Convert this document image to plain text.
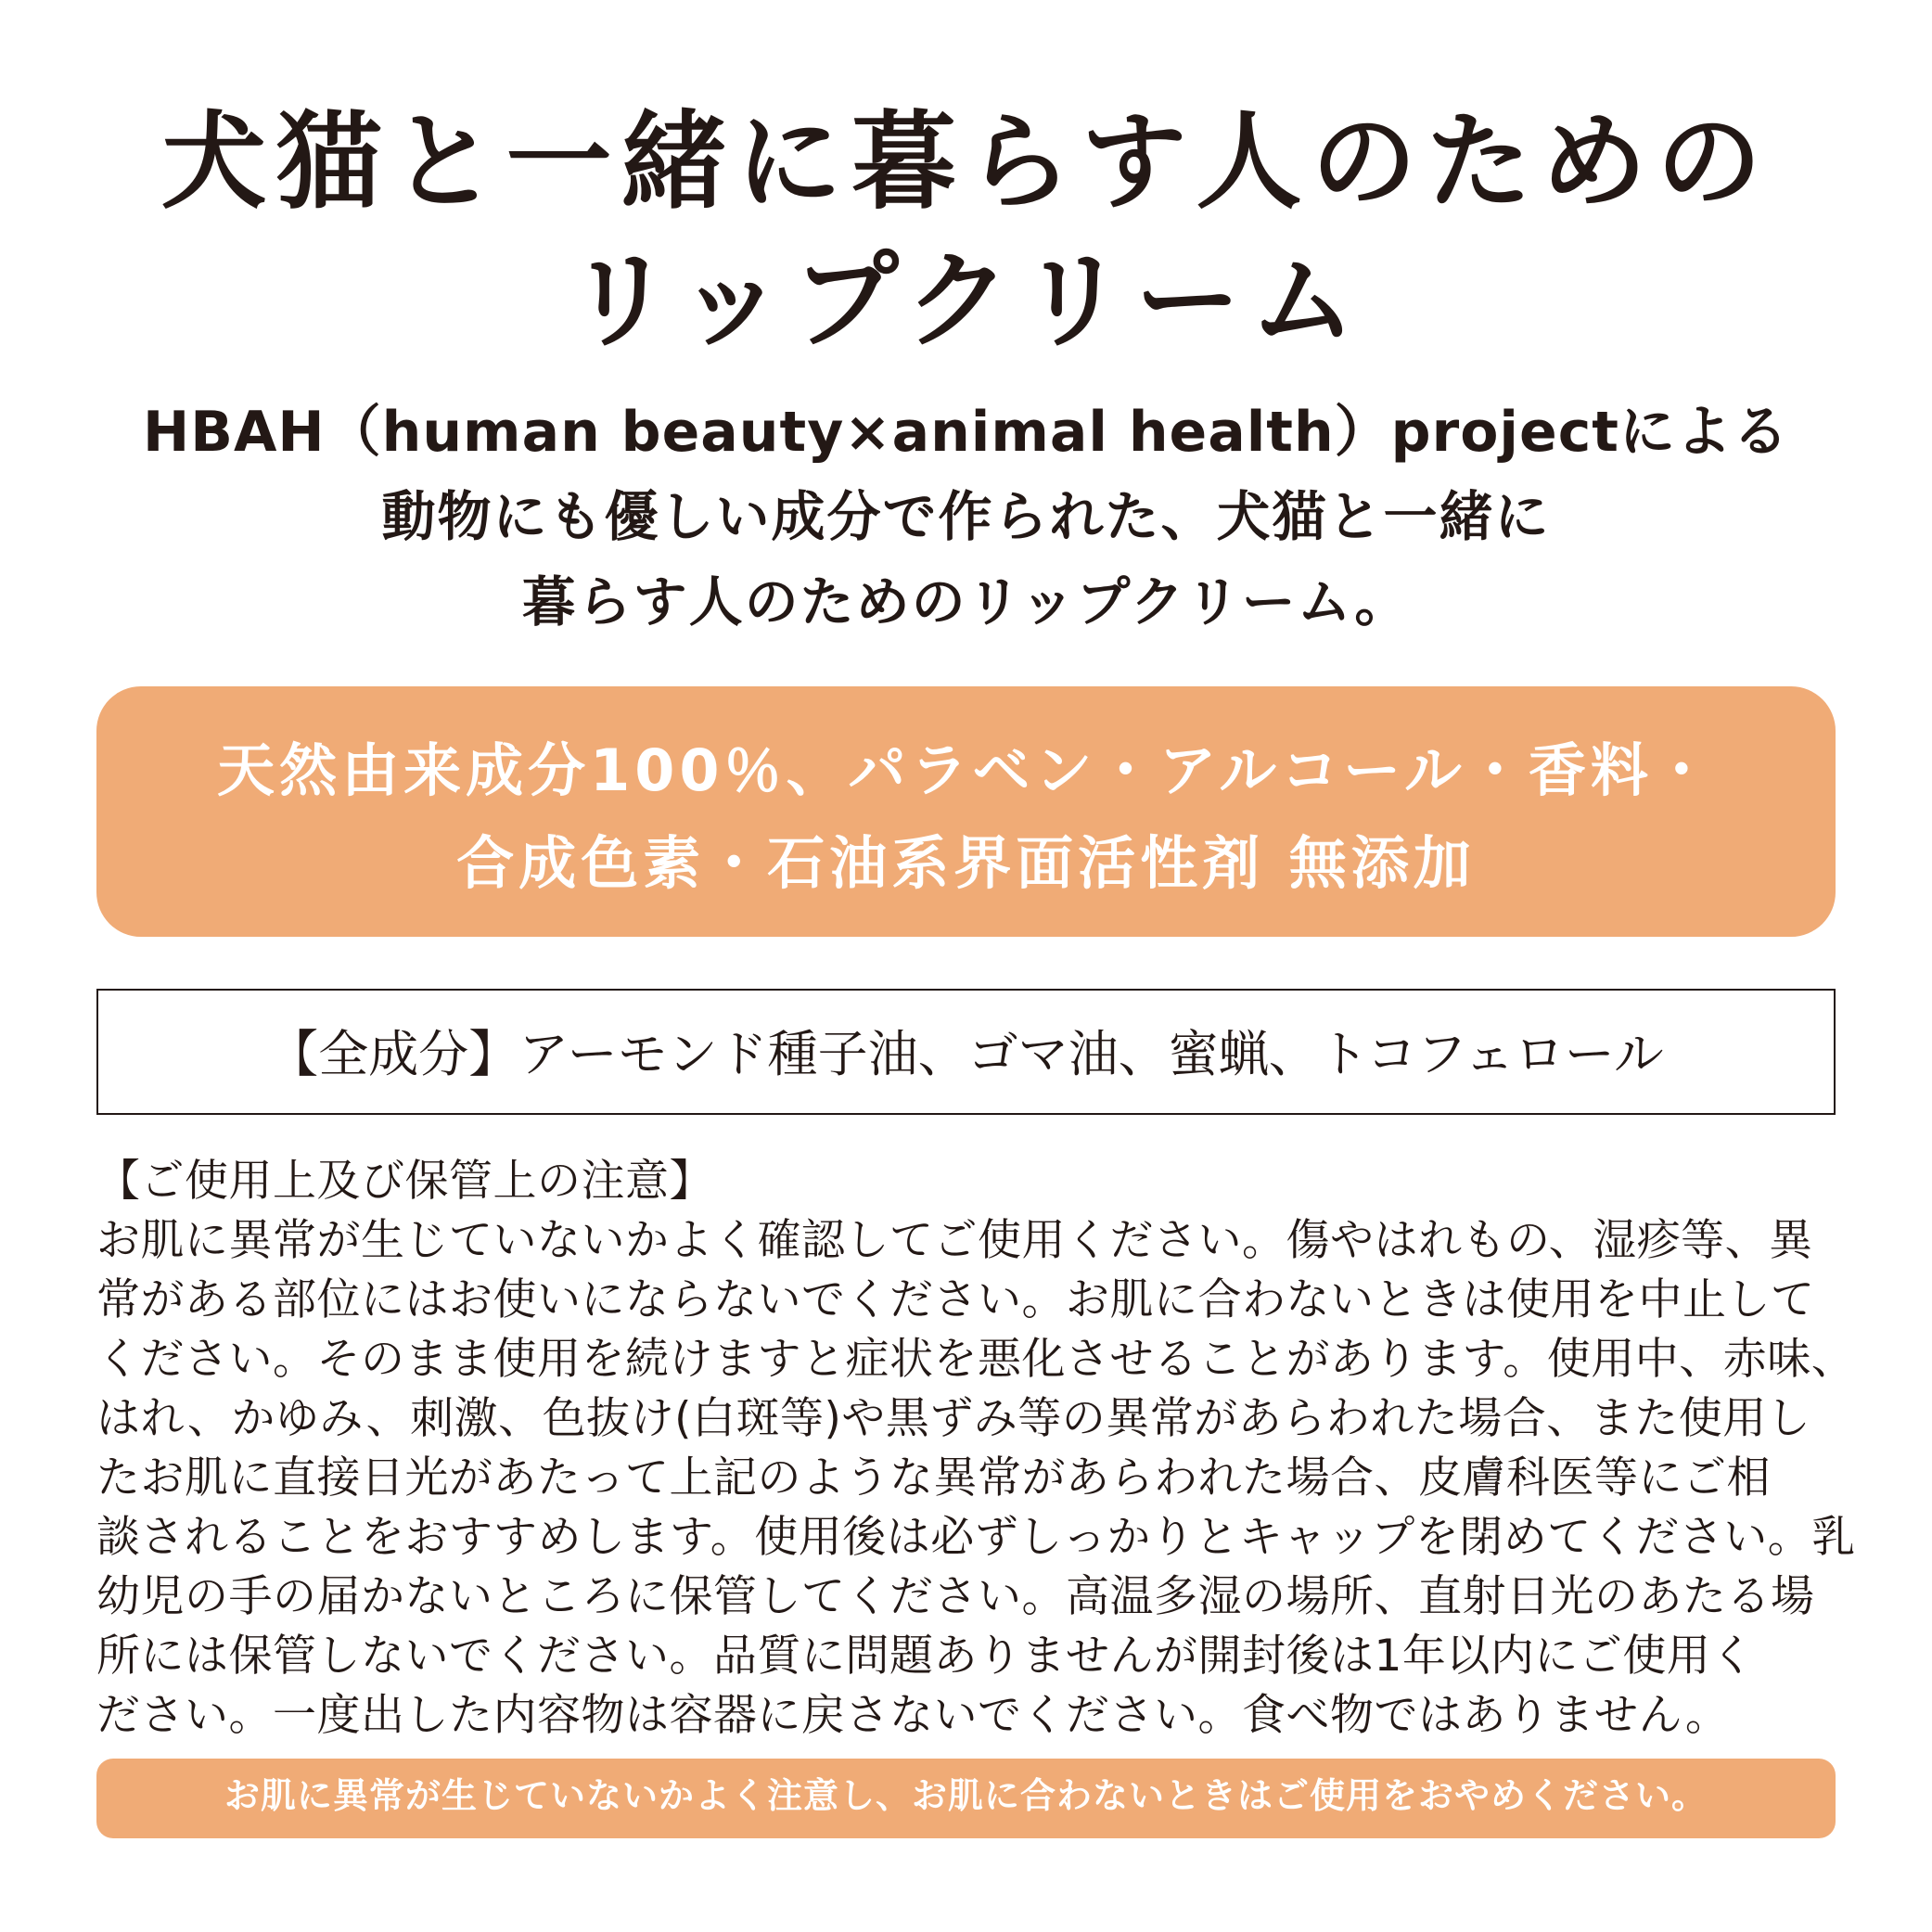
犬猫と一緒に暮らす人のための
リップクリーム
HBAH（human beauty×animal health）projectによる
動物にも優しい成分で作られた、犬猫と一緒に
暮らす人のためのリップクリーム。
天然由来成分100％、パラベン・アルコール・香料・
合成色素・石油系界面活性剤 無添加
【全成分】アーモンド種子油、ゴマ油、蜜蝋、トコフェロール
【ご使用上及び保管上の注意】
お肌に異常が生じていないかよく確認してご使用ください。傷やはれもの、湿疹等、異
常がある部位にはお使いにならないでください。お肌に合わないときは使用を中止して
ください。そのまま使用を続けますと症状を悪化させることがあります。使用中、赤味、
はれ、かゆみ、刺激、色抜け(白斑等)や黒ずみ等の異常があらわれた場合、また使用し
たお肌に直接日光があたって上記のような異常があらわれた場合、皮膚科医等にご相
談されることをおすすめします。使用後は必ずしっかりとキャップを閉めてください。乳
幼児の手の届かないところに保管してください。高温多湿の場所、直射日光のあたる場
所には保管しないでください。品質に問題ありませんが開封後は1年以内にご使用く
ださい。一度出した内容物は容器に戻さないでください。食べ物ではありません。
お肌に異常が生じていないかよく注意し、お肌に合わないときはご使用をおやめください。
